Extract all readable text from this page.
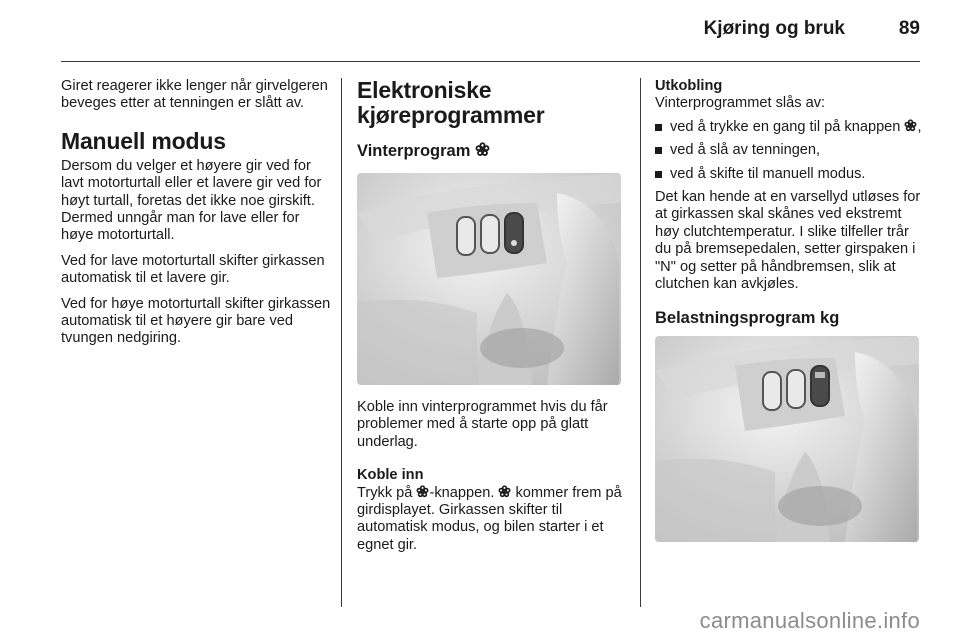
Kjøring og bruk	89

Giret reagerer ikke lenger når girvelgeren beveges etter at tenningen er slått av.

Manuell modus

Dersom du velger et høyere gir ved for lavt motorturtall eller et lavere gir ved for høyt turtall, foretas det ikke noe girskift. Dermed unngår man for lave eller for høye motorturtall.

Ved for lave motorturtall skifter girkassen automatisk til et lavere gir.

Ved for høye motorturtall skifter girkassen automatisk til et høyere gir bare ved tvungen nedgiring.

Elektroniske kjøreprogrammer
Vinterprogram

Koble inn vinterprogrammet hvis du får problemer med å starte opp på glatt underlag.

Koble inn

Trykk på -knappen.  kommer frem på girdisplayet. Girkassen skifter til automatisk modus, og bilen starter i et egnet gir.

Utkobling

Vinterprogrammet slås av:

ved å trykke en gang til på knappen ,
ved å slå av tenningen,
ved å skifte til manuell modus.

Det kan hende at en varsellyd utløses for at girkassen skal skånes ved ekstremt høy clutchtemperatur. I slike tilfeller trår du på bremsepedalen, setter girspaken i "N" og setter på håndbremsen, slik at clutchen kan avkjøles.

Belastningsprogram kg
carmanualsonline.info
